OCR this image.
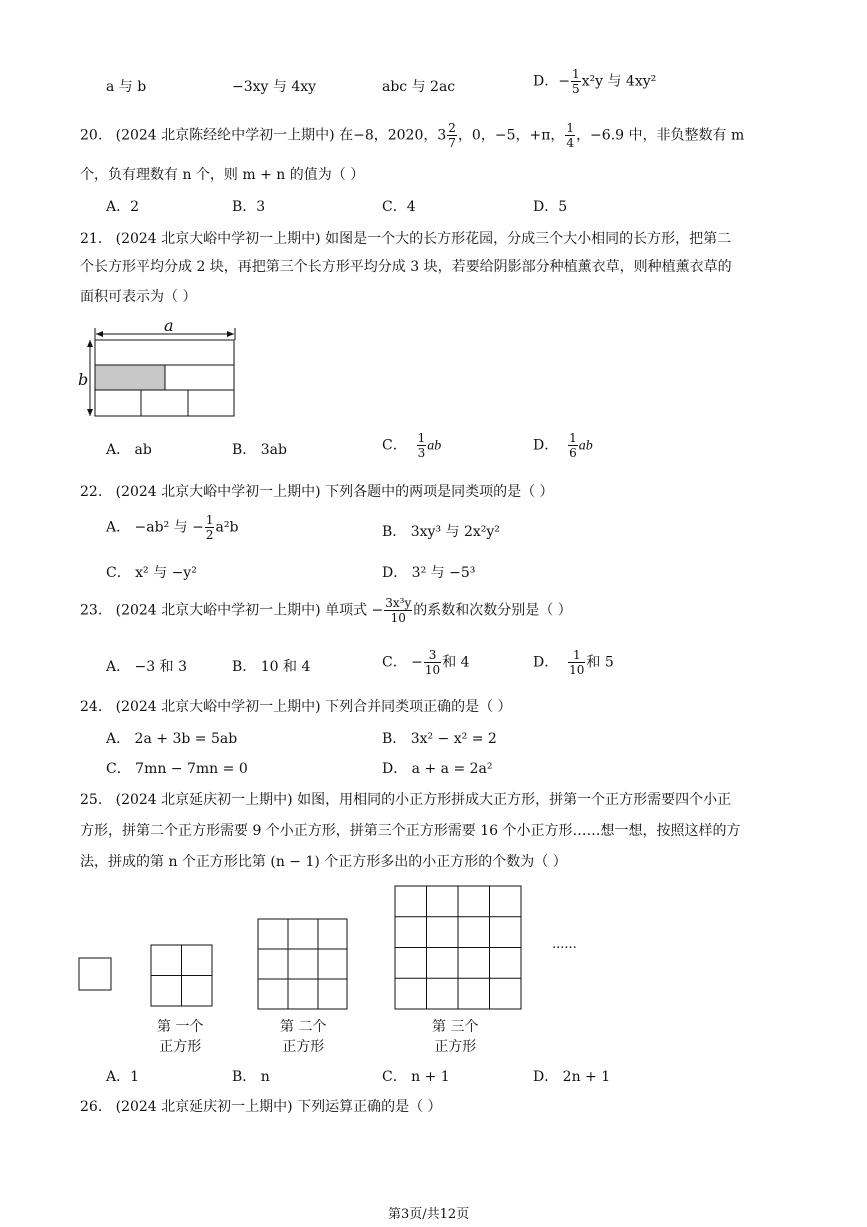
a 与 b	−3xy 与 4xy	abc 与 2ac	D．− $\frac{1}{5} x^2y$ 与 4xy²
20. (2024 北京陈经纶中学初一上期中) 在−8，2020，$3 \frac{2}{7}$ ，0，−5，+π， $\frac{1}{4}$ ，−6.9 中，非负整数有 m
个，负有理数有 n 个，则 m + n 的值为（ ）
A．2	B．3	C．4	D．5
21. (2024 北京大峪中学初一上期中) 如图是一个大的长方形花园，分成三个大小相同的长方形，把第二
个长方形平均分成 2 块，再把第三个长方形平均分成 3 块，若要给阴影部分种植薰衣草，则种植薰衣草的
面积可表示为（ ）
a
b
A． ab	B． 3ab	C． $\frac{1}{3}$ ab	D． $\frac{1}{6}$ ab
22. (2024 北京大峪中学初一上期中) 下列各题中的两项是同类项的是（ ）
A． −ab² 与 − $\frac{1}{2} a^2b$	B． 3xy³ 与 2x²y²
C． x² 与 −y²	D． 3² 与 −5³
23. (2024 北京大峪中学初一上期中) 单项式 − $\frac{\text{3x³y}}{10}$ 的系数和次数分别是（ ）
A． −3 和 3	B． 10 和 4	C． − $\frac{3}{10}$ 和 4	D． $\frac{1}{10}$ 和 5
24. (2024 北京大峪中学初一上期中) 下列合并同类项正确的是（ ）
A． 2a + 3b = 5ab	B． 3x² − x² = 2
C． 7mn − 7mn = 0	D． a + a = 2a²
25. (2024 北京延庆初一上期中) 如图，用相同的小正方形拼成大正方形，拼第一个正方形需要四个小正
方形，拼第二个正方形需要 9 个小正方形，拼第三个正方形需要 16 个小正方形……想一想，按照这样的方
法，拼成的第 n 个正方形比第 (n − 1) 个正方形多出的小正方形的个数为（ ）
......
第 一个
正方形
第 二个
正方形
第 三个
正方形
A．1	B． n	C． n + 1	D． 2n + 1
26. (2024 北京延庆初一上期中) 下列运算正确的是（ ）
第3页/共12页
